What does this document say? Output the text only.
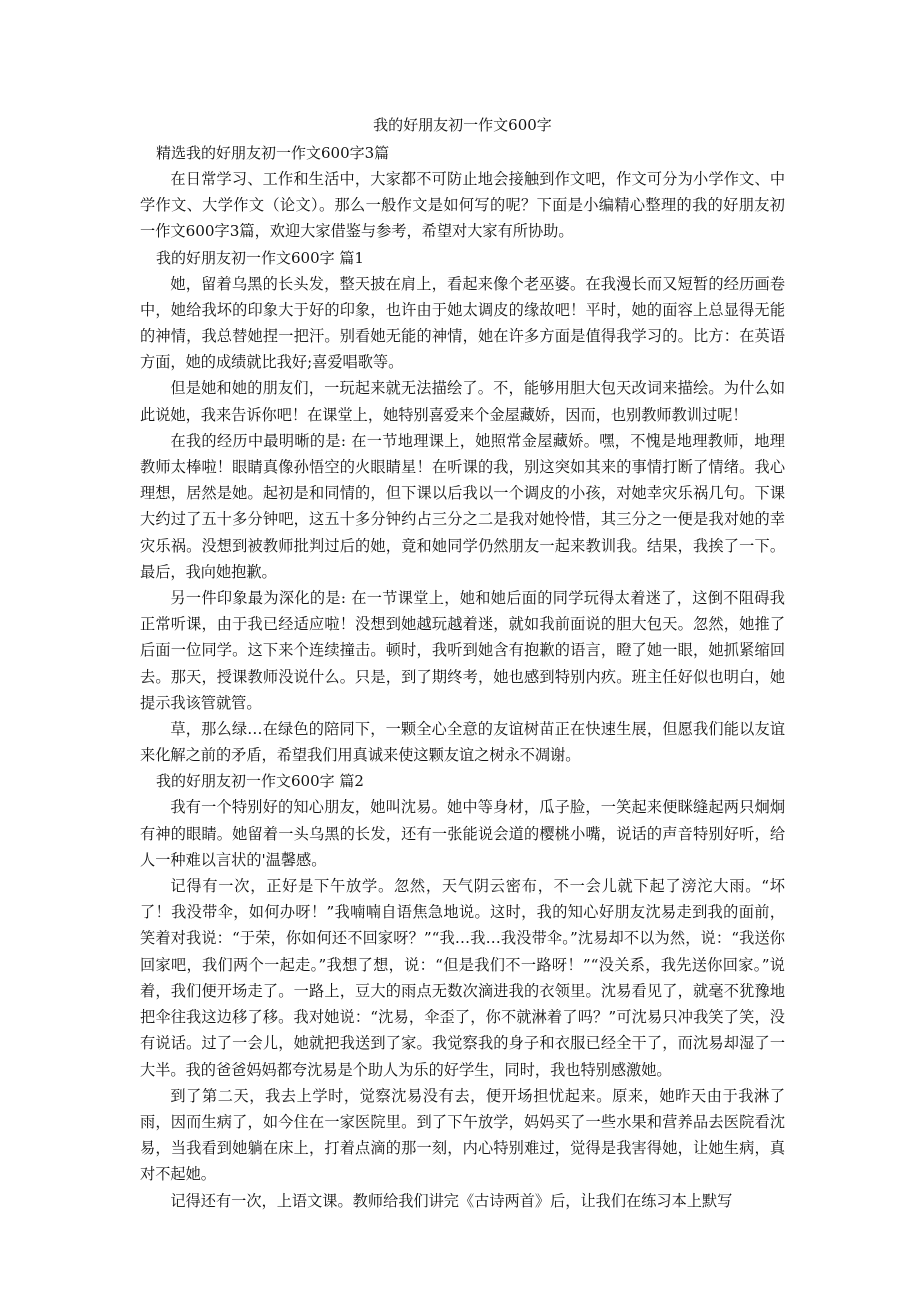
我的好朋友初一作文600字

精选我的好朋友初一作文600字3篇

在日常学习、工作和生活中，大家都不可防止地会接触到作文吧，作文可分为小学作文、中学作文、大学作文（论文）。那么一般作文是如何写的呢？下面是小编精心整理的我的好朋友初一作文600字3篇，欢迎大家借鉴与参考，希望对大家有所协助。

我的好朋友初一作文600字 篇1

她，留着乌黑的长头发，整天披在肩上，看起来像个老巫婆。在我漫长而又短暂的经历画卷中，她给我坏的印象大于好的印象，也许由于她太调皮的缘故吧！平时，她的面容上总显得无能的神情，我总替她捏一把汗。别看她无能的神情，她在许多方面是值得我学习的。比方：在英语方面，她的成绩就比我好;喜爱唱歌等。

但是她和她的朋友们，一玩起来就无法描绘了。不，能够用胆大包天改词来描绘。为什么如此说她，我来告诉你吧！在课堂上，她特别喜爱来个金屋藏娇，因而，也别教师教训过呢！

在我的经历中最明晰的是: 在一节地理课上，她照常金屋藏娇。嘿，不愧是地理教师，地理教师太棒啦！眼睛真像孙悟空的火眼睛星！在听课的我，别这突如其来的事情打断了情绪。我心理想，居然是她。起初是和同情的，但下课以后我以一个调皮的小孩，对她幸灾乐祸几句。下课大约过了五十多分钟吧，这五十多分钟约占三分之二是我对她怜惜，其三分之一便是我对她的幸灾乐祸。没想到被教师批判过后的她，竟和她同学仍然朋友一起来教训我。结果，我挨了一下。最后，我向她抱歉。

另一件印象最为深化的是: 在一节课堂上，她和她后面的同学玩得太着迷了，这倒不阻碍我正常听课，由于我已经适应啦！没想到她越玩越着迷，就如我前面说的胆大包天。忽然，她推了后面一位同学。这下来个连续撞击。顿时，我听到她含有抱歉的语言，瞪了她一眼，她抓紧缩回去。那天，授课教师没说什么。只是，到了期终考，她也感到特别内疚。班主任好似也明白，她提示我该管就管。

草，那么绿…在绿色的陪同下，一颗全心全意的友谊树苗正在快速生展，但愿我们能以友谊来化解之前的矛盾，希望我们用真诚来使这颗友谊之树永不凋谢。

我的好朋友初一作文600字 篇2

我有一个特别好的知心朋友，她叫沈易。她中等身材，瓜子脸，一笑起来便眯缝起两只炯炯有神的眼睛。她留着一头乌黑的长发，还有一张能说会道的樱桃小嘴，说话的声音特别好听，给人一种难以言状的'温馨感。

记得有一次，正好是下午放学。忽然，天气阴云密布，不一会儿就下起了滂沱大雨。“坏了！我没带伞，如何办呀！”我喃喃自语焦急地说。这时，我的知心好朋友沈易走到我的面前，笑着对我说：“于荣，你如何还不回家呀？”“我…我…我没带伞。”沈易却不以为然，说：“我送你回家吧，我们两个一起走。”我想了想，说：“但是我们不一路呀！”“没关系，我先送你回家。”说着，我们便开场走了。一路上，豆大的雨点无数次滴进我的衣领里。沈易看见了，就毫不犹豫地把伞往我这边移了移。我对她说：“沈易，伞歪了，你不就淋着了吗？”可沈易只冲我笑了笑，没有说话。过了一会儿，她就把我送到了家。我觉察我的身子和衣服已经全干了，而沈易却湿了一大半。我的爸爸妈妈都夸沈易是个助人为乐的好学生，同时，我也特别感激她。

到了第二天，我去上学时，觉察沈易没有去，便开场担忧起来。原来，她昨天由于我淋了雨，因而生病了，如今住在一家医院里。到了下午放学，妈妈买了一些水果和营养品去医院看沈易，当我看到她躺在床上，打着点滴的那一刻，内心特别难过，觉得是我害得她，让她生病，真对不起她。

记得还有一次，上语文课。教师给我们讲完《古诗两首》后，让我们在练习本上默写
